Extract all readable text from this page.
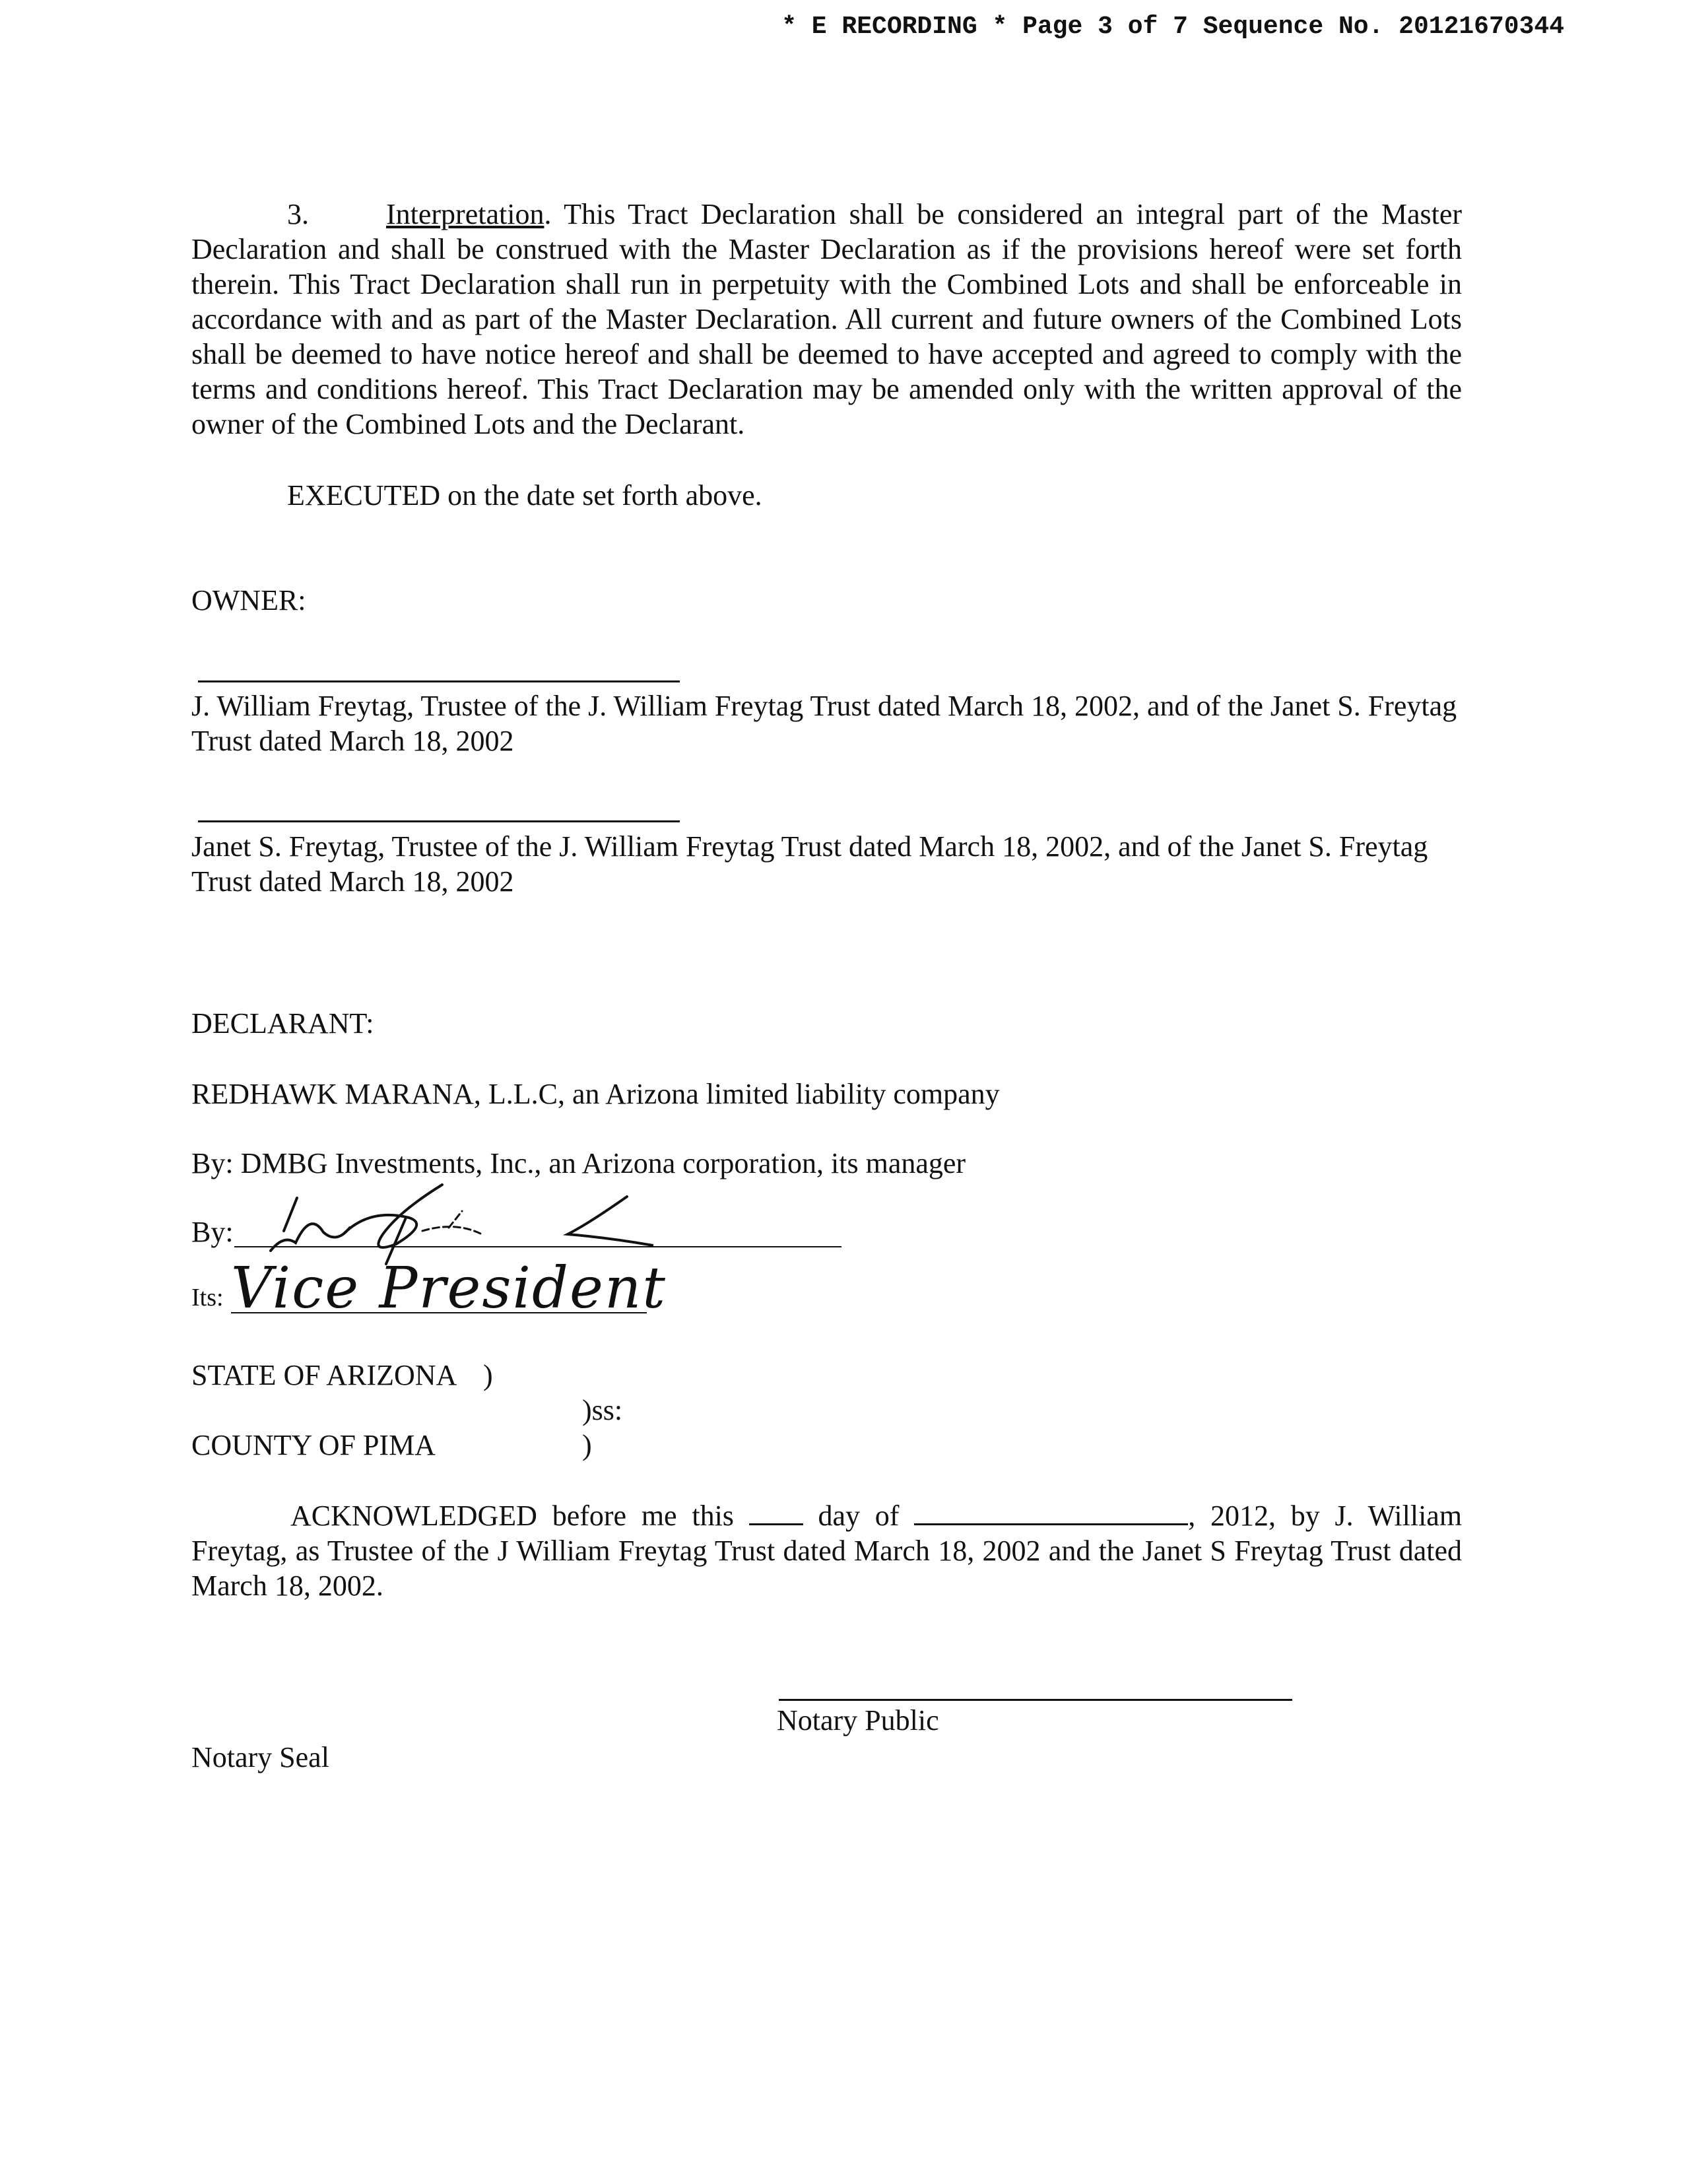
* E RECORDING * Page 3 of 7 Sequence No. 20121670344
3.	Interpretation. This Tract Declaration shall be considered an integral part of the Master Declaration and shall be construed with the Master Declaration as if the provisions hereof were set forth therein. This Tract Declaration shall run in perpetuity with the Combined Lots and shall be enforceable in accordance with and as part of the Master Declaration. All current and future owners of the Combined Lots shall be deemed to have notice hereof and shall be deemed to have accepted and agreed to comply with the terms and conditions hereof. This Tract Declaration may be amended only with the written approval of the owner of the Combined Lots and the Declarant.
EXECUTED on the date set forth above.
OWNER:
J. William Freytag, Trustee of the J. William Freytag Trust dated March 18, 2002, and of the Janet S. Freytag Trust dated March 18, 2002
Janet S. Freytag, Trustee of the J. William Freytag Trust dated March 18, 2002, and of the Janet S. Freytag Trust dated March 18, 2002
DECLARANT:
REDHAWK MARANA, L.L.C, an Arizona limited liability company
By: DMBG Investments, Inc., an Arizona corporation, its manager
By:
Its: Vice President
STATE OF ARIZONA )
)ss:
COUNTY OF PIMA	)
ACKNOWLEDGED before me this	day of	, 2012, by J. William Freytag, as Trustee of the J William Freytag Trust dated March 18, 2002 and the Janet S Freytag Trust dated March 18, 2002.
Notary Public
Notary Seal
